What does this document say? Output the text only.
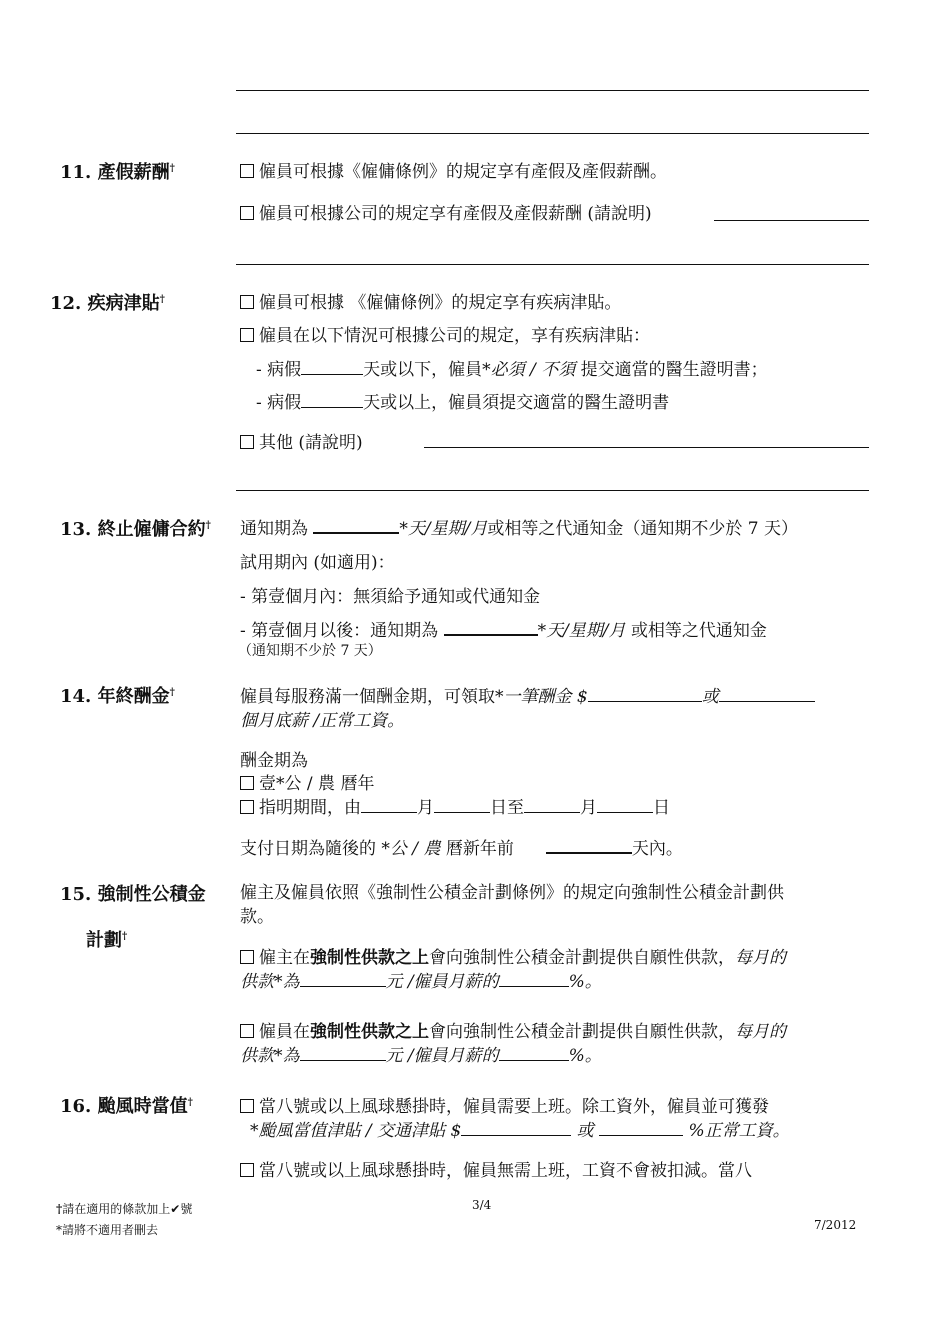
11. 產假薪酬†	僱員可根據《僱傭條例》的規定享有產假及產假薪酬。
僱員可根據公司的規定享有產假及產假薪酬 (請說明)
12. 疾病津貼†	僱員可根據 《僱傭條例》的規定享有疾病津貼。
僱員在以下情況可根據公司的規定，享有疾病津貼：
- 病假	天或以下，僱員*必須 / 不須 提交適當的醫生證明書；
- 病假	天或以上，僱員須提交適當的醫生證明書
其他 (請說明)
13. 終止僱傭合約† 通知期為	*天/星期/月或相等之代通知金（通知期不少於 7 天）
試用期內 (如適用)：
- 第壹個月內：無須給予通知或代通知金
- 第壹個月以後：通知期為	*天/星期/月 或相等之代通知金
（通知期不少於 7 天）
14. 年終酬金†	僱員每服務滿一個酬金期，可領取*一筆酬金 $	或
個月底薪 /正常工資。
酬金期為
壹*公 / 農 曆年
指明期間，由	月	日至	月	日
支付日期為隨後的 *公 / 農 曆新年前	天內。
15. 強制性公積金
計劃†
僱主及僱員依照《強制性公積金計劃條例》的規定向強制性公積金計劃供
款。
僱主在強制性供款之上會向強制性公積金計劃提供自願性供款，每月的
供款*為	元 /僱員月薪的	%。
僱員在強制性供款之上會向強制性公積金計劃提供自願性供款，每月的
供款*為	元 /僱員月薪的	%。
16. 颱風時當值†	當八號或以上風球懸掛時，僱員需要上班。除工資外，僱員並可獲發
*颱風當值津貼 / 交通津貼 $	或	%正常工資。
當八號或以上風球懸掛時，僱員無需上班，工資不會被扣減。當八
†請在適用的條款加上✔號
*請將不適用者刪去
3/4
7/2012
